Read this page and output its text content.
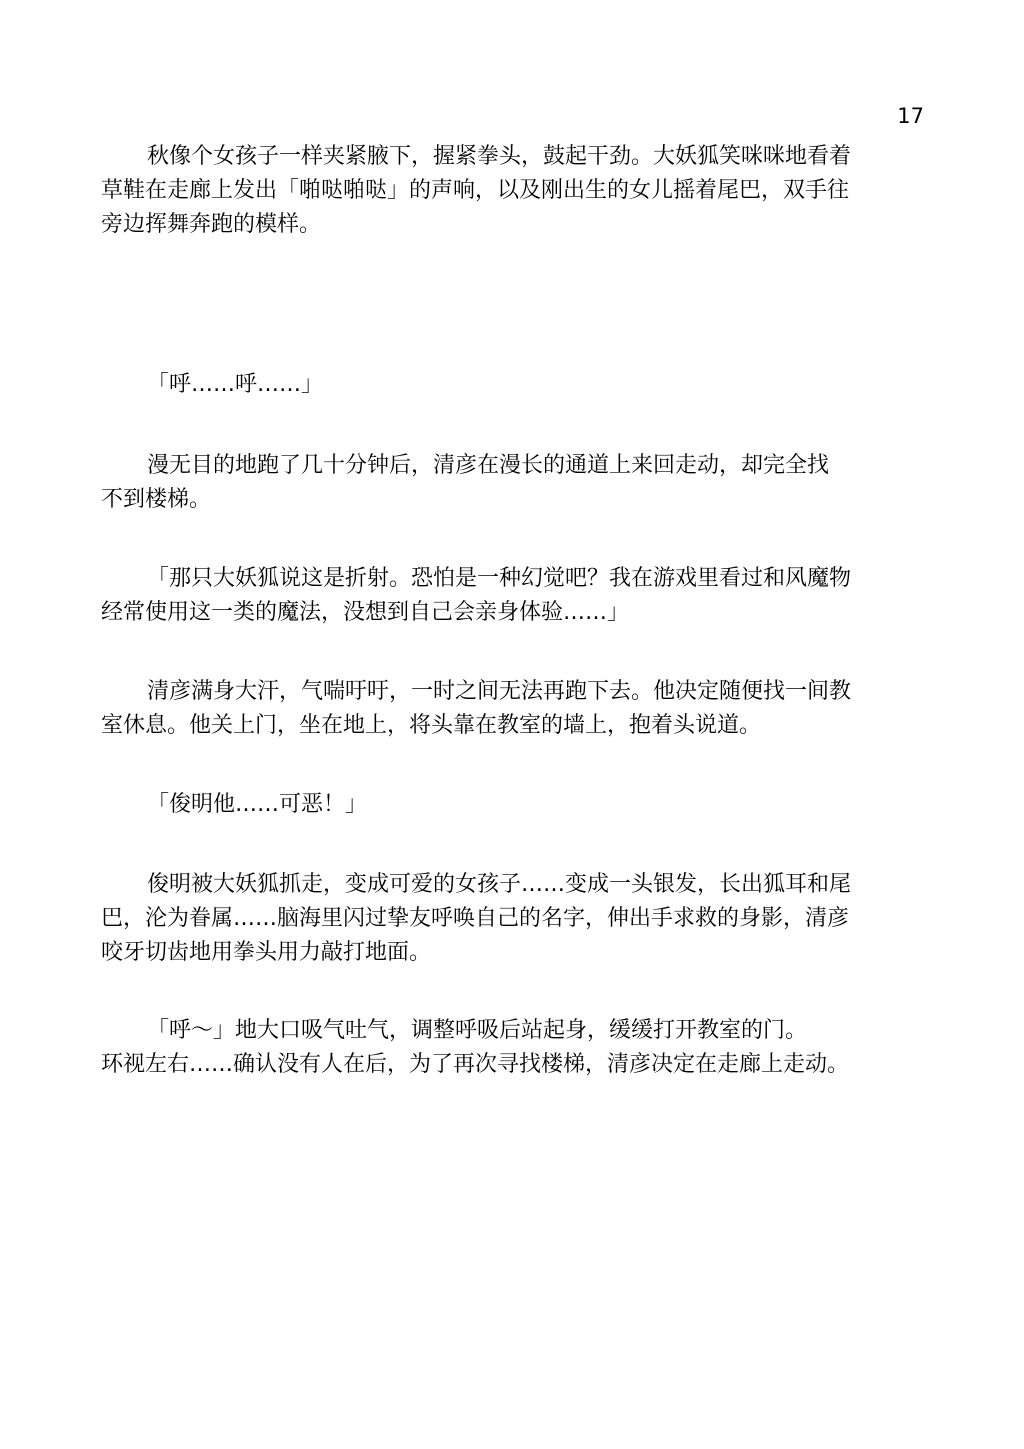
17

秋像个女孩子一样夹紧腋下，握紧拳头，鼓起干劲。大妖狐笑咪咪地看着
草鞋在走廊上发出「啪哒啪哒」的声响，以及刚出生的女儿摇着尾巴，双手往
旁边挥舞奔跑的模样。

「呼……呼……」

漫无目的地跑了几十分钟后，清彦在漫长的通道上来回走动，却完全找
不到楼梯。

「那只大妖狐说这是折射。恐怕是一种幻觉吧？我在游戏里看过和风魔物
经常使用这一类的魔法，没想到自己会亲身体验……」

清彦满身大汗，气喘吁吁，一时之间无法再跑下去。他决定随便找一间教
室休息。他关上门，坐在地上，将头靠在教室的墙上，抱着头说道。

「俊明他……可恶！」

俊明被大妖狐抓走，变成可爱的女孩子……变成一头银发，长出狐耳和尾
巴，沦为眷属……脑海里闪过挚友呼唤自己的名字，伸出手求救的身影，清彦
咬牙切齿地用拳头用力敲打地面。

「呼～」地大口吸气吐气，调整呼吸后站起身，缓缓打开教室的门。
环视左右……确认没有人在后，为了再次寻找楼梯，清彦决定在走廊上走动。
